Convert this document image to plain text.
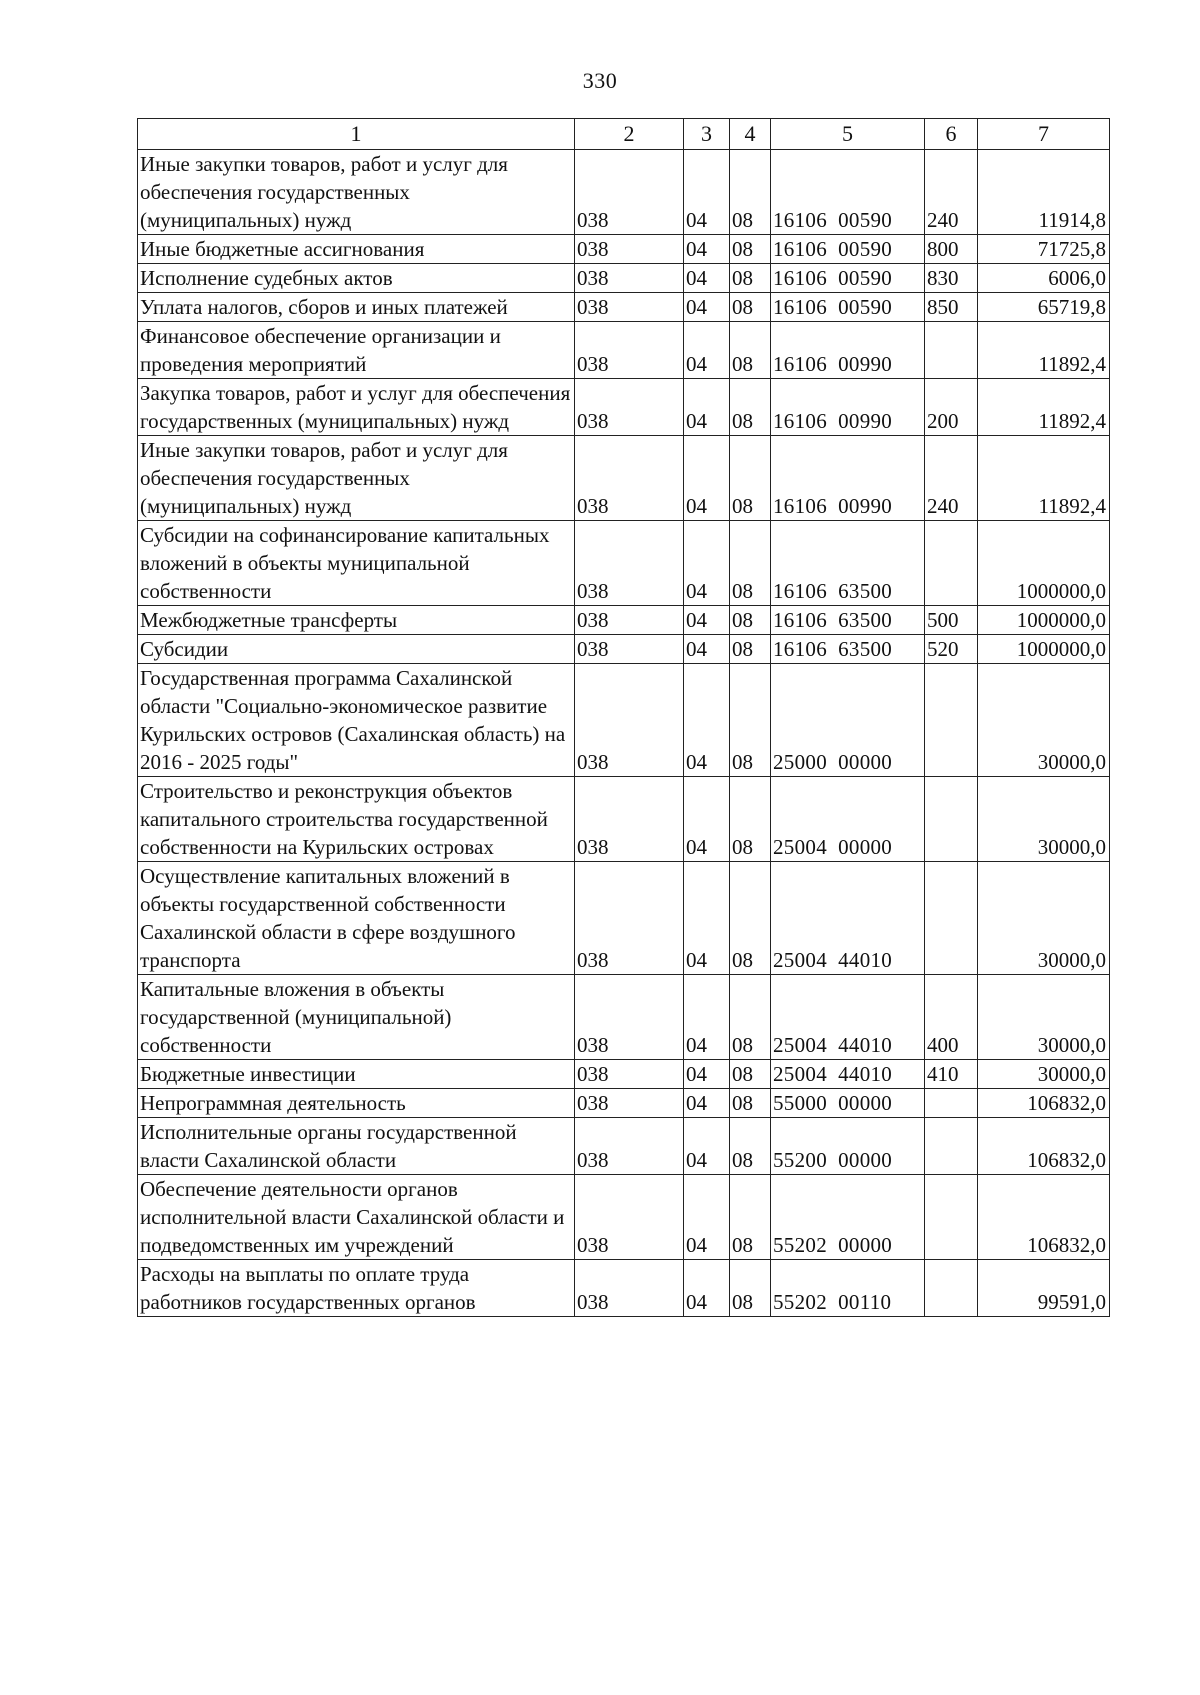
330
1	2	3	4	5	6	7
Иные закупки товаров, работ и услуг для обеспечения государственных (муниципальных) нужд	038	04	08	16106  00590	240	11914,8
Иные бюджетные ассигнования	038	04	08	16106  00590	800	71725,8
Исполнение судебных актов	038	04	08	16106  00590	830	6006,0
Уплата налогов, сборов и иных платежей	038	04	08	16106  00590	850	65719,8
Финансовое обеспечение организации и проведения мероприятий	038	04	08	16106  00990		11892,4
Закупка товаров, работ и услуг для обеспечения государственных (муниципальных) нужд	038	04	08	16106  00990	200	11892,4
Иные закупки товаров, работ и услуг для обеспечения государственных (муниципальных) нужд	038	04	08	16106  00990	240	11892,4
Субсидии на софинансирование капитальных вложений в объекты муниципальной собственности	038	04	08	16106  63500		1000000,0
Межбюджетные трансферты	038	04	08	16106  63500	500	1000000,0
Субсидии	038	04	08	16106  63500	520	1000000,0
Государственная программа Сахалинской области "Социально-экономическое развитие Курильских островов (Сахалинская область) на 2016 - 2025 годы"	038	04	08	25000  00000		30000,0
Строительство и реконструкция объектов капитального строительства государственной собственности на Курильских островах	038	04	08	25004  00000		30000,0
Осуществление капитальных вложений в объекты государственной собственности Сахалинской области в сфере воздушного транспорта	038	04	08	25004  44010		30000,0
Капитальные вложения в объекты государственной (муниципальной) собственности	038	04	08	25004  44010	400	30000,0
Бюджетные инвестиции	038	04	08	25004  44010	410	30000,0
Непрограммная деятельность	038	04	08	55000  00000		106832,0
Исполнительные органы государственной власти Сахалинской области	038	04	08	55200  00000		106832,0
Обеспечение деятельности органов исполнительной власти Сахалинской области и подведомственных им учреждений	038	04	08	55202  00000		106832,0
Расходы на выплаты по оплате труда работников государственных органов	038	04	08	55202  00110		99591,0
